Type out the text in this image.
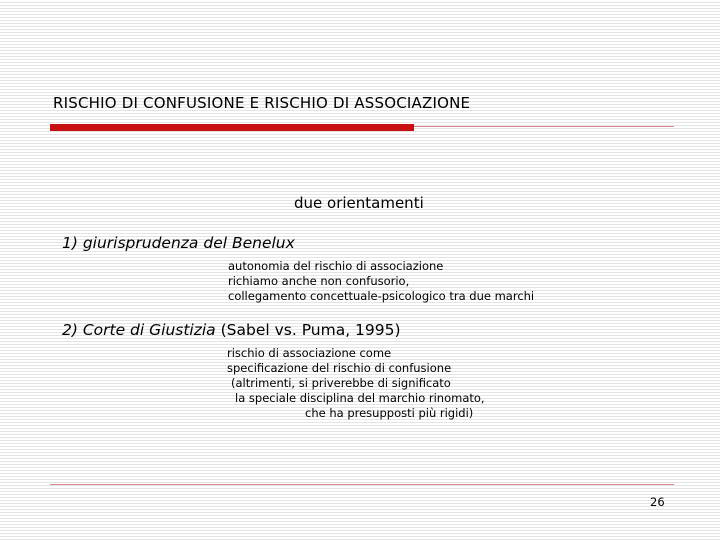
RISCHIO DI CONFUSIONE E RISCHIO DI ASSOCIAZIONE
due orientamenti
1) giurisprudenza del Benelux
autonomia del rischio di associazione
richiamo anche non confusorio,
collegamento concettuale-psicologico tra due marchi
2) Corte di Giustizia (Sabel vs. Puma, 1995)
rischio di associazione come
specificazione del rischio di confusione
(altrimenti, si priverebbe di significato
la speciale disciplina del marchio rinomato,
che ha presupposti più rigidi)
26
